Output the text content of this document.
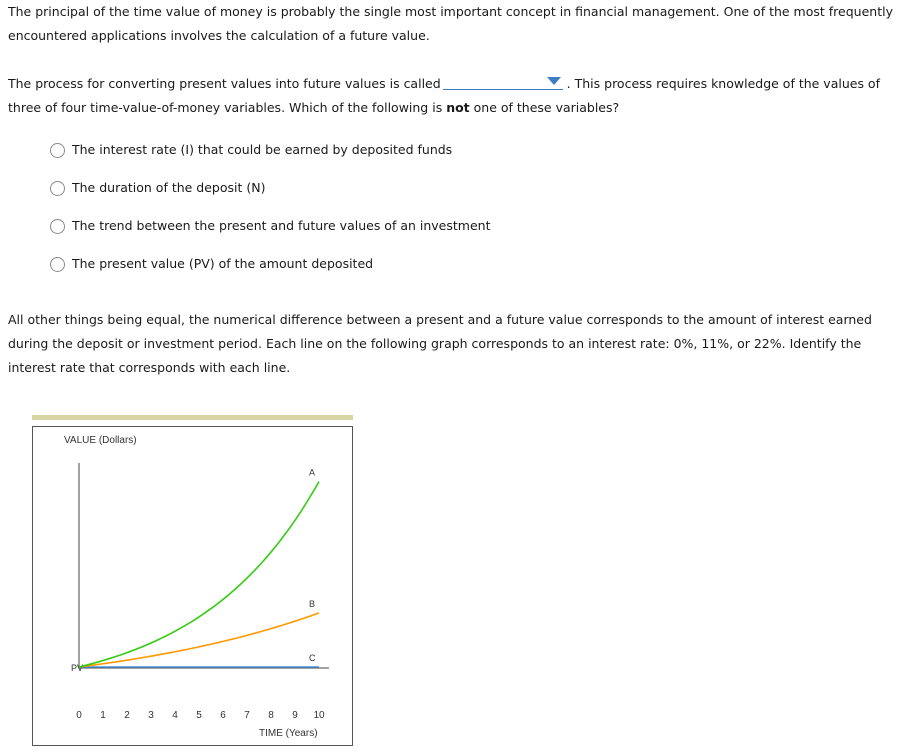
The principal of the time value of money is probably the single most important concept in financial management. One of the most frequently encountered applications involves the calculation of a future value.

The process for converting present values into future values is called	. This process requires knowledge of the values of three of four time-value-of-money variables. Which of the following is not one of these variables?

The interest rate (I) that could be earned by deposited funds
The duration of the deposit (N)
The trend between the present and future values of an investment
The present value (PV) of the amount deposited

All other things being equal, the numerical difference between a present and a future value corresponds to the amount of interest earned during the deposit or investment period. Each line on the following graph corresponds to an interest rate: 0%, 11%, or 22%. Identify the interest rate that corresponds with each line.

VALUE (Dollars)
PV
TIME (Years)
0 1 2 3 4 5 6 7 8 9 10
C
B
A
